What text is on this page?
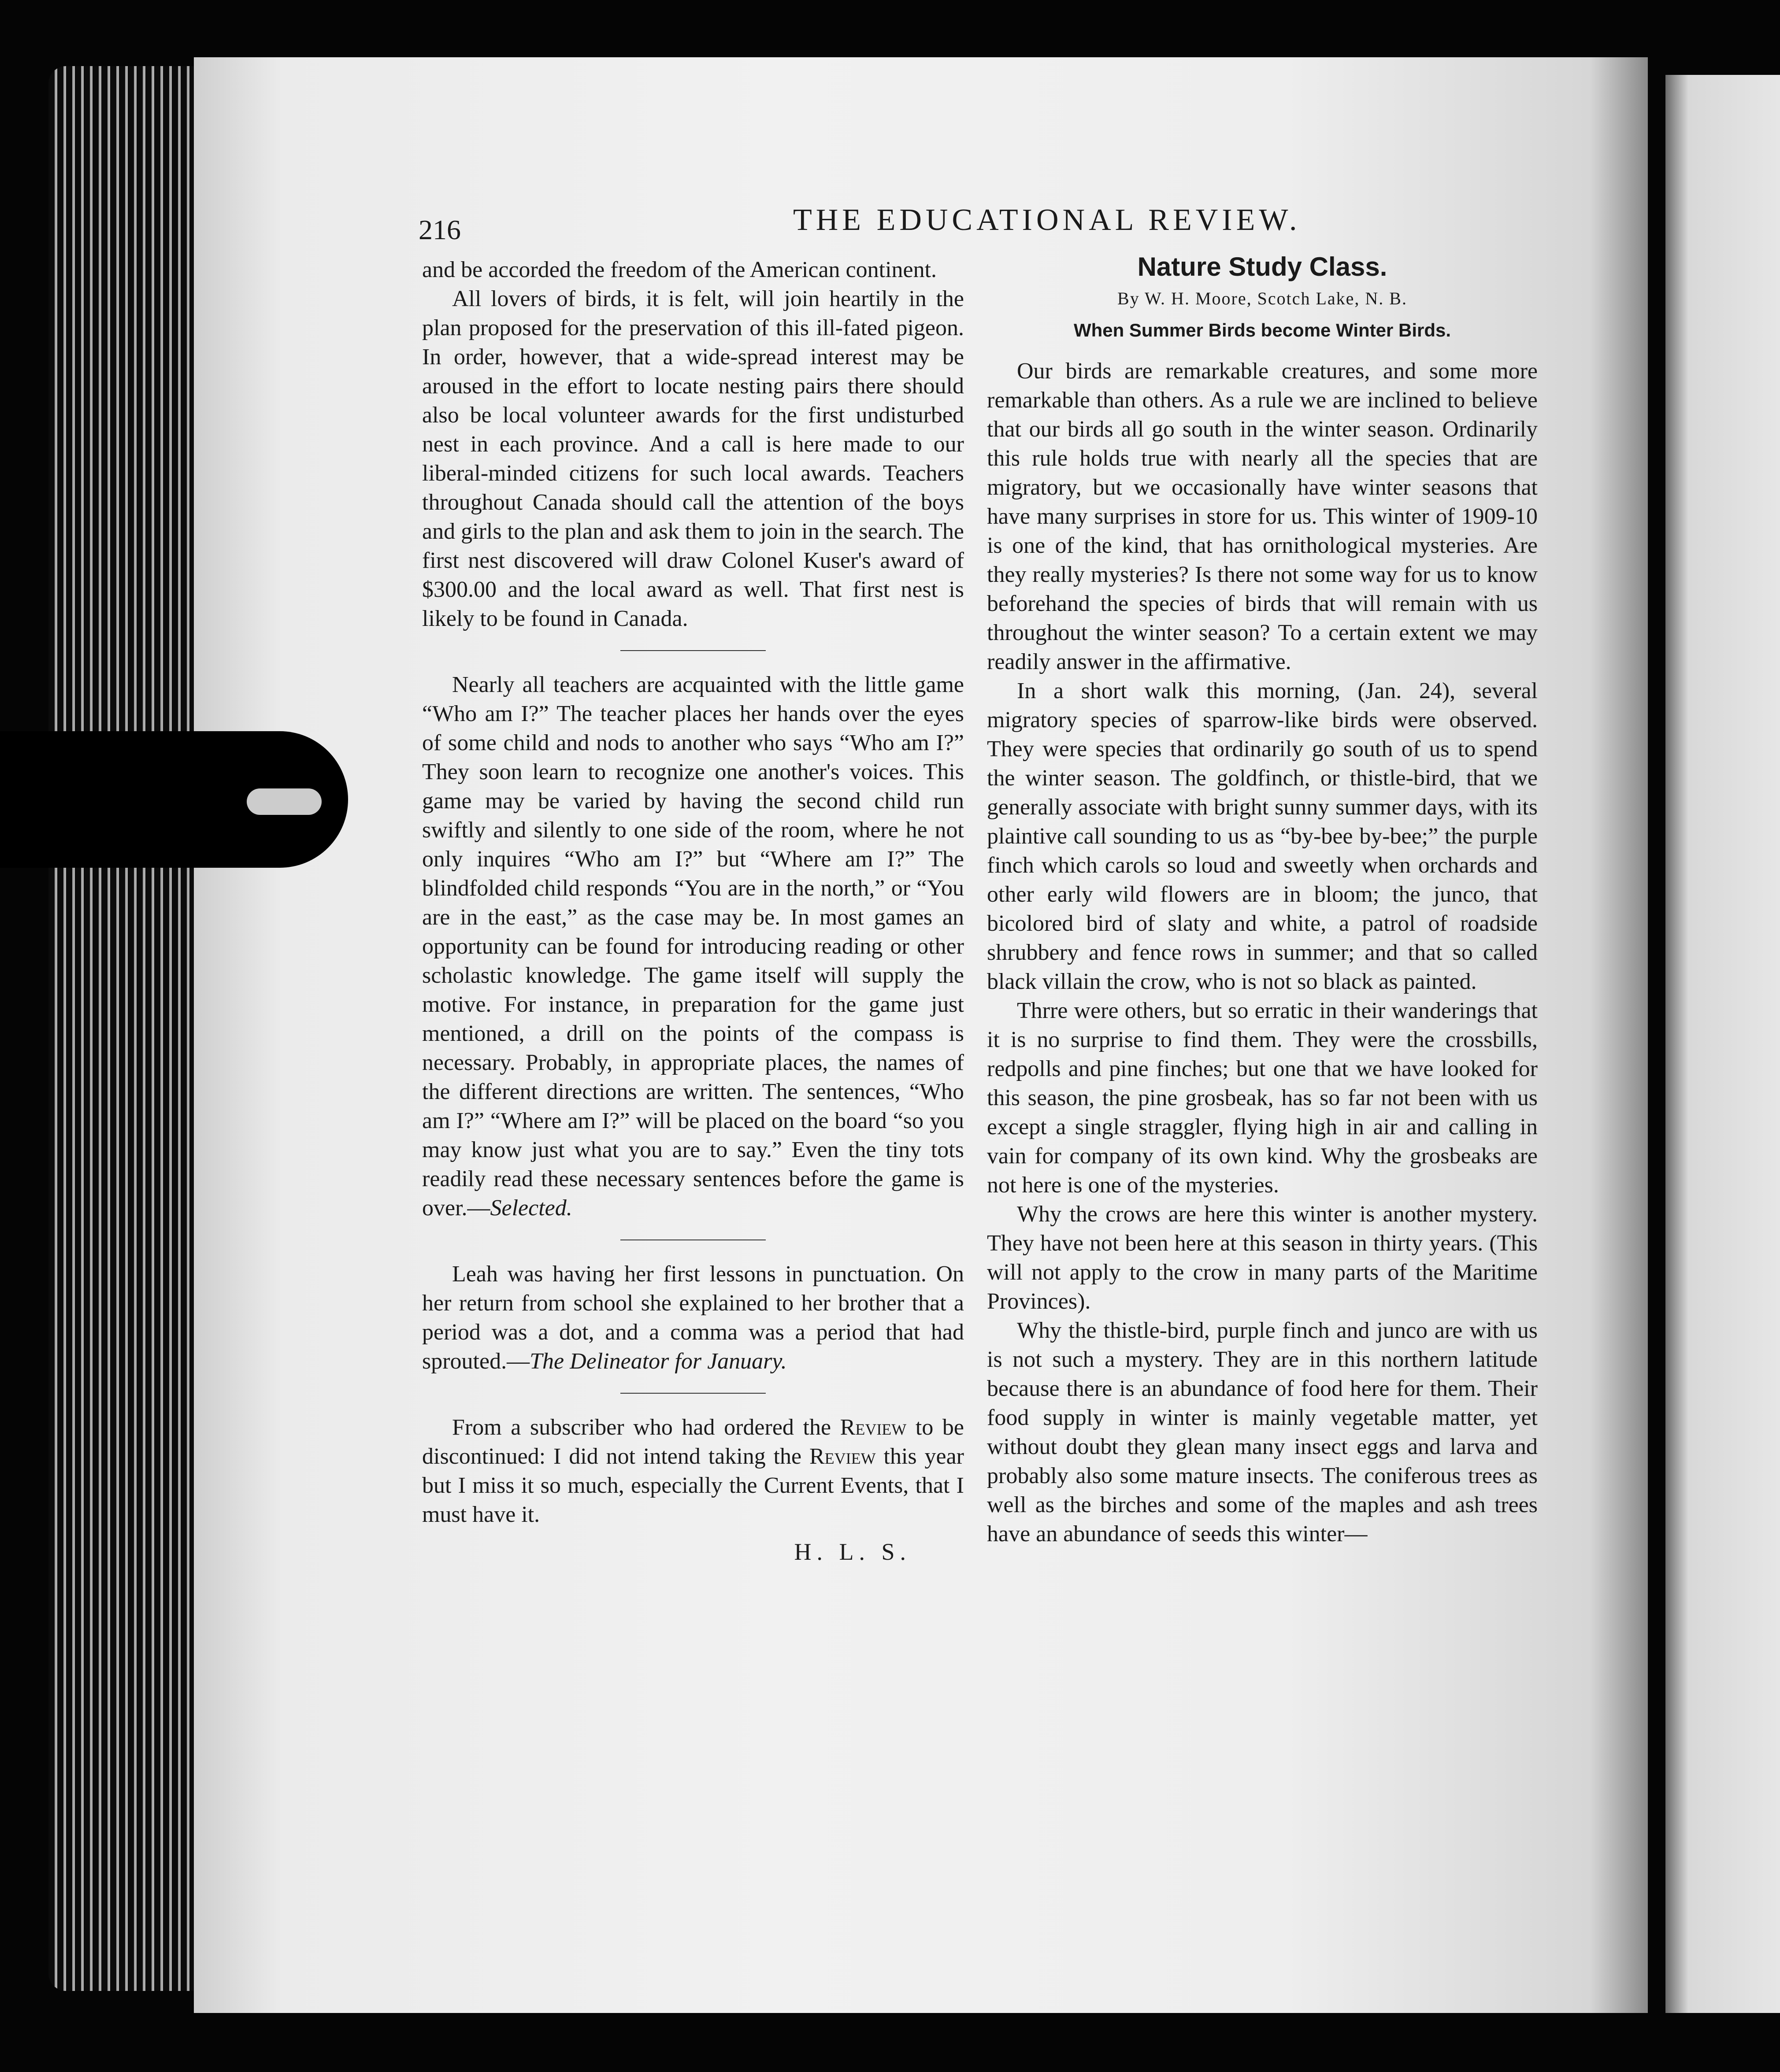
216	THE EDUCATIONAL REVIEW.

and be accorded the freedom of the American continent.

All lovers of birds, it is felt, will join heartily in the plan proposed for the preservation of this ill-fated pigeon. In order, however, that a wide-spread interest may be aroused in the effort to locate nesting pairs there should also be local volunteer awards for the first undisturbed nest in each province. And a call is here made to our liberal-minded citizens for such local awards. Teachers throughout Canada should call the attention of the boys and girls to the plan and ask them to join in the search. The first nest discovered will draw Colonel Kuser's award of $300.00 and the local award as well. That first nest is likely to be found in Canada.

Nearly all teachers are acquainted with the little game “Who am I?” The teacher places her hands over the eyes of some child and nods to another who says “Who am I?” They soon learn to recognize one another's voices. This game may be varied by having the second child run swiftly and silently to one side of the room, where he not only inquires “Who am I?” but “Where am I?” The blindfolded child responds “You are in the north,” or “You are in the east,” as the case may be. In most games an opportunity can be found for introducing reading or other scholastic knowledge. The game itself will supply the motive. For instance, in preparation for the game just mentioned, a drill on the points of the compass is necessary. Probably, in appropriate places, the names of the different directions are written. The sentences, “Who am I?” “Where am I?” will be placed on the board “so you may know just what you are to say.” Even the tiny tots readily read these necessary sentences before the game is over.—Selected.

Leah was having her first lessons in punctuation. On her return from school she explained to her brother that a period was a dot, and a comma was a period that had sprouted.—The Delineator for January.

From a subscriber who had ordered the Review to be discontinued: I did not intend taking the Review this year but I miss it so much, especially the Current Events, that I must have it.

H. L. S.
Nature Study Class.
By W. H. Moore, Scotch Lake, N. B.
When Summer Birds become Winter Birds.

Our birds are remarkable creatures, and some more remarkable than others. As a rule we are inclined to believe that our birds all go south in the winter season. Ordinarily this rule holds true with nearly all the species that are migratory, but we occasionally have winter seasons that have many surprises in store for us. This winter of 1909-10 is one of the kind, that has ornithological mysteries. Are they really mysteries? Is there not some way for us to know beforehand the species of birds that will remain with us throughout the winter season? To a certain extent we may readily answer in the affirmative.

In a short walk this morning, (Jan. 24), several migratory species of sparrow-like birds were observed. They were species that ordinarily go south of us to spend the winter season. The goldfinch, or thistle-bird, that we generally associate with bright sunny summer days, with its plaintive call sounding to us as “by-bee by-bee;” the purple finch which carols so loud and sweetly when orchards and other early wild flowers are in bloom; the junco, that bicolored bird of slaty and white, a patrol of roadside shrubbery and fence rows in summer; and that so called black villain the crow, who is not so black as painted.

Thrre were others, but so erratic in their wanderings that it is no surprise to find them. They were the crossbills, redpolls and pine finches; but one that we have looked for this season, the pine grosbeak, has so far not been with us except a single straggler, flying high in air and calling in vain for company of its own kind. Why the grosbeaks are not here is one of the mysteries.

Why the crows are here this winter is another mystery. They have not been here at this season in thirty years. (This will not apply to the crow in many parts of the Maritime Provinces).

Why the thistle-bird, purple finch and junco are with us is not such a mystery. They are in this northern latitude because there is an abundance of food here for them. Their food supply in winter is mainly vegetable matter, yet without doubt they glean many insect eggs and larva and probably also some mature insects. The coniferous trees as well as the birches and some of the maples and ash trees have an abundance of seeds this winter—
